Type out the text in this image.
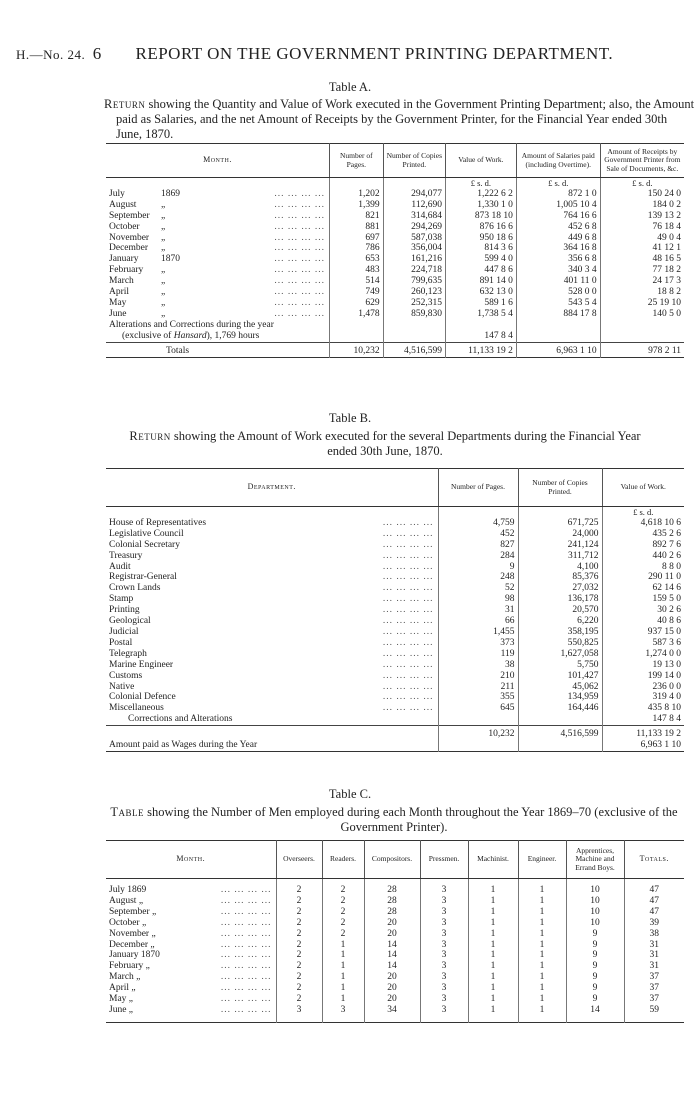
H.—No. 24. 6 REPORT ON THE GOVERNMENT PRINTING DEPARTMENT.
Table A.
Return showing the Quantity and Value of Work executed in the Government Printing Department; also, the Amount paid as Salaries, and the net Amount of Receipts by the Government Printer, for the Financial Year ended 30th June, 1870.
Month.	Number of Pages.	Number of Copies Printed.	Value of Work.	Amount of Salaries paid (including Overtime).	Amount of Receipts by Government Printer from Sale of Documents, &c.
			£ s. d.	£ s. d.	£ s. d.
July 1869 ... ... ... ...	1,202	294,077	1,222 6 2	872 1 0	150 24 0
August „ ... ... ... ...	1,399	112,690	1,330 1 0	1,005 10 4	184 0 2
September „ ... ... ... ...	821	314,684	873 18 10	764 16 6	139 13 2
October „ ... ... ... ...	881	294,269	876 16 6	452 6 8	76 18 4
November „ ... ... ... ...	697	587,038	950 18 6	449 6 8	49 0 4
December „ ... ... ... ...	786	356,004	814 3 6	364 16 8	41 12 1
January 1870 ... ... ... ...	653	161,216	599 4 0	356 6 8	48 16 5
February „ ... ... ... ...	483	224,718	447 8 6	340 3 4	77 18 2
March „ ... ... ... ...	514	799,635	891 14 0	401 11 0	24 17 3
April „ ... ... ... ...	749	260,123	632 13 0	528 0 0	18 8 2
May „ ... ... ... ...	629	252,315	589 1 6	543 5 4	25 19 10
June „ ... ... ... ...	1,478	859,830	1,738 5 4	884 17 8	140 5 0
Alterations and Corrections during the year					
(exclusive of Hansard), 1,769 hours			147 8 4		
Totals	10,232	4,516,599	11,133 19 2	6,963 1 10	978 2 11
Table B.
Return showing the Amount of Work executed for the several Departments during the Financial Year ended 30th June, 1870.
Department.	Number of Pages.	Number of Copies Printed.	Value of Work.
			£ s. d.
House of Representatives ... ... ... ...	4,759	671,725	4,618 10 6
Legislative Council ... ... ... ...	452	24,000	435 2 6
Colonial Secretary ... ... ... ...	827	241,124	892 7 6
Treasury ... ... ... ...	284	311,712	440 2 6
Audit ... ... ... ...	9	4,100	8 8 0
Registrar-General ... ... ... ...	248	85,376	290 11 0
Crown Lands ... ... ... ...	52	27,032	62 14 6
Stamp ... ... ... ...	98	136,178	159 5 0
Printing ... ... ... ...	31	20,570	30 2 6
Geological ... ... ... ...	66	6,220	40 8 6
Judicial ... ... ... ...	1,455	358,195	937 15 0
Postal ... ... ... ...	373	550,825	587 3 6
Telegraph ... ... ... ...	119	1,627,058	1,274 0 0
Marine Engineer ... ... ... ...	38	5,750	19 13 0
Customs ... ... ... ...	210	101,427	199 14 0
Native ... ... ... ...	211	45,062	236 0 0
Colonial Defence ... ... ... ...	355	134,959	319 4 0
Miscellaneous ... ... ... ...	645	164,446	435 8 10
Corrections and Alterations			147 8 4
	10,232	4,516,599	11,133 19 2
Amount paid as Wages during the Year			6,963 1 10
Table C.
Table showing the Number of Men employed during each Month throughout the Year 1869–70 (exclusive of the Government Printer).
Month.	Overseers.	Readers.	Compositors.	Pressmen.	Machinist.	Engineer.	Apprentices, Machine and Errand Boys.	Totals.

July 1869 ... ... ... ...	2	2	28	3	1	1	10	47
August „ ... ... ... ...	2	2	28	3	1	1	10	47
September „ ... ... ... ...	2	2	28	3	1	1	10	47
October „ ... ... ... ...	2	2	20	3	1	1	10	39
November „ ... ... ... ...	2	2	20	3	1	1	9	38
December „ ... ... ... ...	2	1	14	3	1	1	9	31
January 1870 ... ... ... ...	2	1	14	3	1	1	9	31
February „ ... ... ... ...	2	1	14	3	1	1	9	31
March „ ... ... ... ...	2	1	20	3	1	1	9	37
April „ ... ... ... ...	2	1	20	3	1	1	9	37
May „ ... ... ... ...	2	1	20	3	1	1	9	37
June „ ... ... ... ...	3	3	34	3	1	1	14	59
